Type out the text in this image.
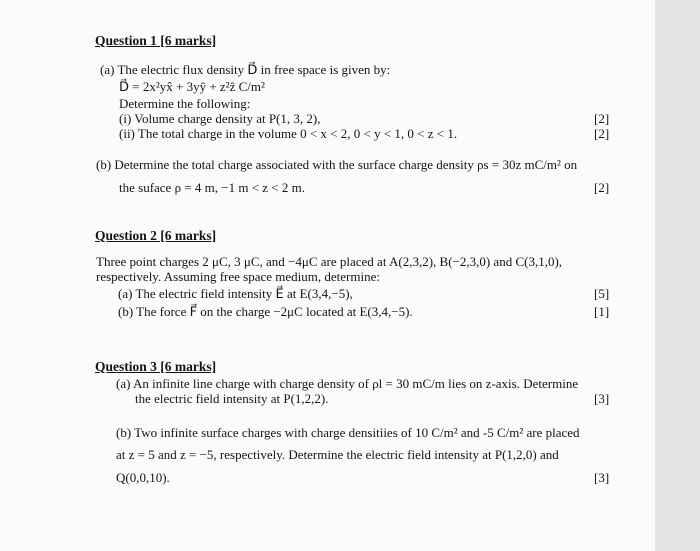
Question 1 [6 marks]
(a) The electric flux density D⃗ in free space is given by:
D⃗ = 2x²yx̂ + 3yŷ + z²ẑ C/m²
Determine the following:
(i) Volume charge density at P(1, 3, 2),	[2]
(ii) The total charge in the volume 0 < x < 2, 0 < y < 1, 0 < z < 1.	[2]
(b) Determine the total charge associated with the surface charge density ρs = 30z mC/m² on
the suface ρ = 4 m, −1 m < z < 2 m.	[2]
Question 2 [6 marks]
Three point charges 2 μC, 3 μC, and −4μC are placed at A(2,3,2), B(−2,3,0) and C(3,1,0),
respectively. Assuming free space medium, determine:
(a) The electric field intensity E⃗ at E(3,4,−5),	[5]
(b) The force F⃗ on the charge −2μC located at E(3,4,−5).	[1]
Question 3 [6 marks]
(a) An infinite line charge with charge density of ρl = 30 mC/m lies on z-axis. Determine
the electric field intensity at P(1,2,2).	[3]
(b) Two infinite surface charges with charge densitiies of 10 C/m² and -5 C/m² are placed
at z = 5 and z = −5, respectively. Determine the electric field intensity at P(1,2,0) and
Q(0,0,10).	[3]
